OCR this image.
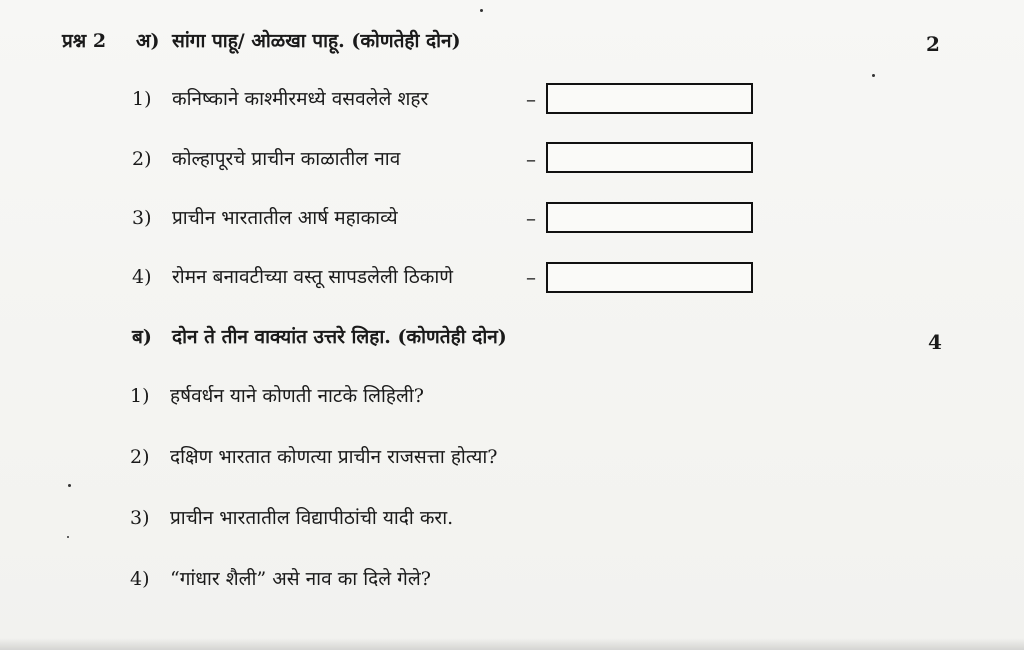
प्रश्न 2 अ) सांगा पाहू/ ओळखा पाहू. (कोणतेही दोन)	2
1) कनिष्काने काश्मीरमध्ये वसवलेले शहर	–
2) कोल्हापूरचे प्राचीन काळातील नाव	–
3) प्राचीन भारतातील आर्ष महाकाव्ये	–
4) रोमन बनावटीच्या वस्तू सापडलेली ठिकाणे	–
ब) दोन ते तीन वाक्यांत उत्तरे लिहा. (कोणतेही दोन)	4
1) हर्षवर्धन याने कोणती नाटके लिहिली?
2) दक्षिण भारतात कोणत्या प्राचीन राजसत्ता होत्या?
3) प्राचीन भारतातील विद्यापीठांची यादी करा.
4) “गांधार शैली” असे नाव का दिले गेले?
